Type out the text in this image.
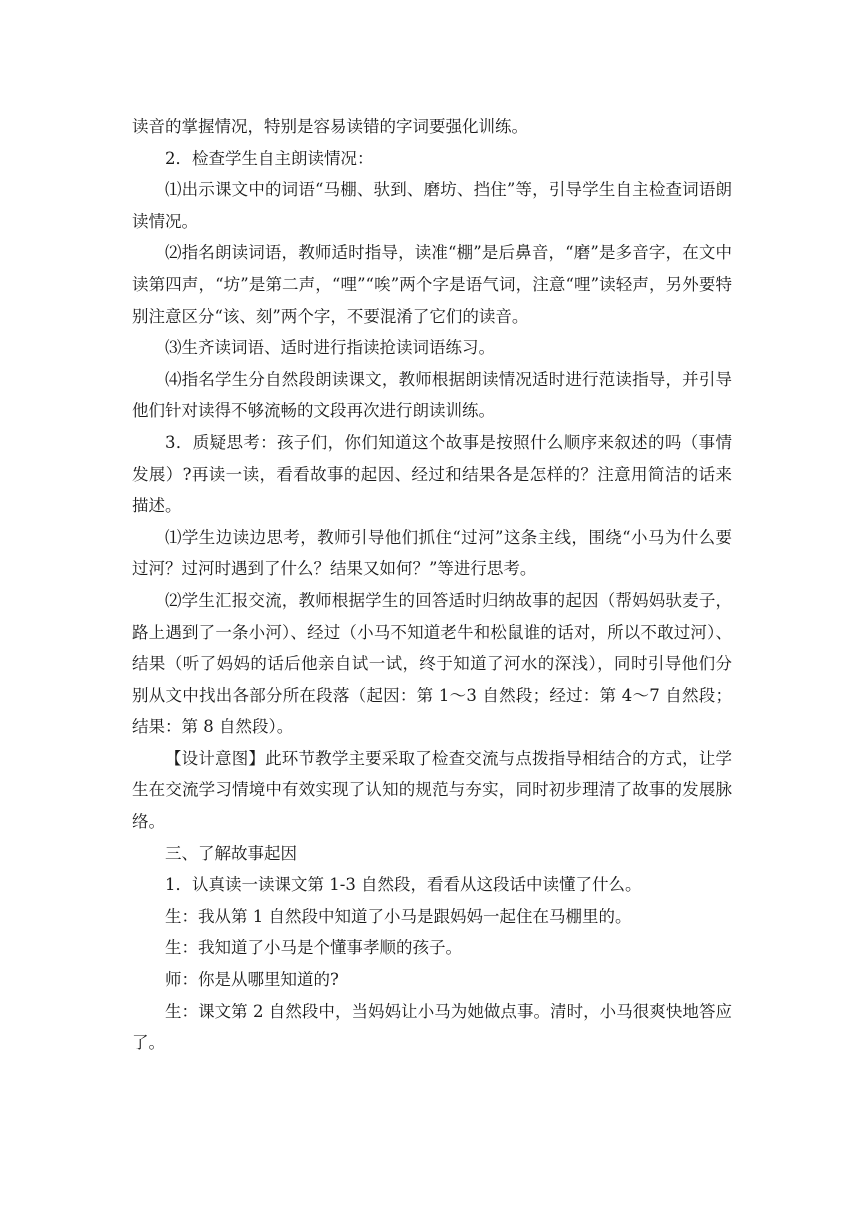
读音的掌握情况，特别是容易读错的字词要强化训练。

2．检查学生自主朗读情况：

⑴出示课文中的词语“马棚、驮到、磨坊、挡住”等，引导学生自主检查词语朗读情况。

⑵指名朗读词语，教师适时指导，读准“棚”是后鼻音，“磨”是多音字，在文中读第四声，“坊”是第二声，“哩”“唉”两个字是语气词，注意“哩”读轻声，另外要特别注意区分“该、刻”两个字，不要混淆了它们的读音。

⑶生齐读词语、适时进行指读抢读词语练习。

⑷指名学生分自然段朗读课文，教师根据朗读情况适时进行范读指导，并引导他们针对读得不够流畅的文段再次进行朗读训练。

3．质疑思考：孩子们，你们知道这个故事是按照什么顺序来叙述的吗（事情发展）?再读一读，看看故事的起因、经过和结果各是怎样的？注意用简洁的话来描述。

⑴学生边读边思考，教师引导他们抓住“过河”这条主线，围绕“小马为什么要过河？过河时遇到了什么？结果又如何？”等进行思考。

⑵学生汇报交流，教师根据学生的回答适时归纳故事的起因（帮妈妈驮麦子，路上遇到了一条小河）、经过（小马不知道老牛和松鼠谁的话对，所以不敢过河）、结果（听了妈妈的话后他亲自试一试，终于知道了河水的深浅），同时引导他们分别从文中找出各部分所在段落（起因：第 1～3 自然段；经过：第 4～7 自然段；结果：第 8 自然段）。

【设计意图】此环节教学主要采取了检查交流与点拨指导相结合的方式，让学生在交流学习情境中有效实现了认知的规范与夯实，同时初步理清了故事的发展脉络。

三、了解故事起因

1．认真读一读课文第 1-3 自然段，看看从这段话中读懂了什么。

生：我从第 1 自然段中知道了小马是跟妈妈一起住在马棚里的。

生：我知道了小马是个懂事孝顺的孩子。

师：你是从哪里知道的?

生：课文第 2 自然段中，当妈妈让小马为她做点事。清时，小马很爽快地答应了。
